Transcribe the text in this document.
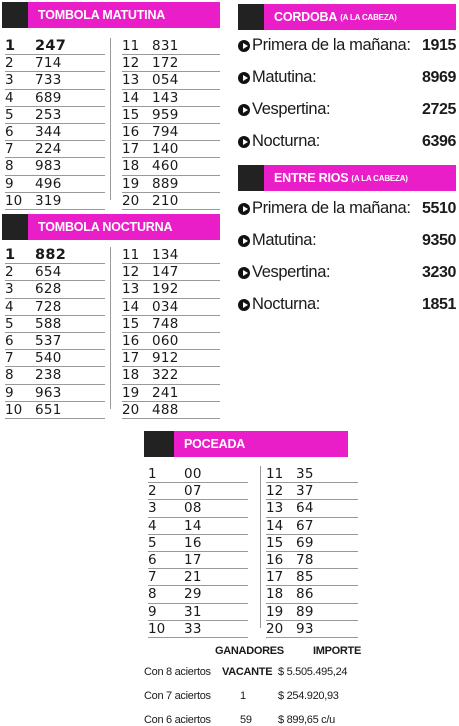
TOMBOLA MATUTINA
1	247
2	714
3	733
4	689
5	253
6	344
7	224
8	983
9	496
10 319
11 831
12 172
13 054
14 143
15 959
16 794
17 140
18 460
19 889
20 210
TOMBOLA NOCTURNA
1	882
2	654
3	628
4	728
5	588
6	537
7	540
8	238
9	963
10 651
11 134
12 147
13 192
14 034
15 748
16 060
17 912
18 322
19 241
20 488
CORDOBA (A LA CABEZA)
Primera de la mañana: 1915
Matutina:	8969
Vespertina:	2725
Nocturna:	6396
ENTRE RIOS (A LA CABEZA)
Primera de la mañana: 5510
Matutina:	9350
Vespertina:	3230
Nocturna:	1851
POCEADA
1	00
2	07
3	08
4	14
5	16
6	17
7	21
8	29
9	31
10	33
11 35
12 37
13 64
14 67
15 69
16 78
17 85
18 86
19 89
20 93
GANADORES	IMPORTE
Con 8 aciertos VACANTE $ 5.505.495,24
Con 7 aciertos	1	$ 254.920,93
Con 6 aciertos	59 $ 899,65 c/u
